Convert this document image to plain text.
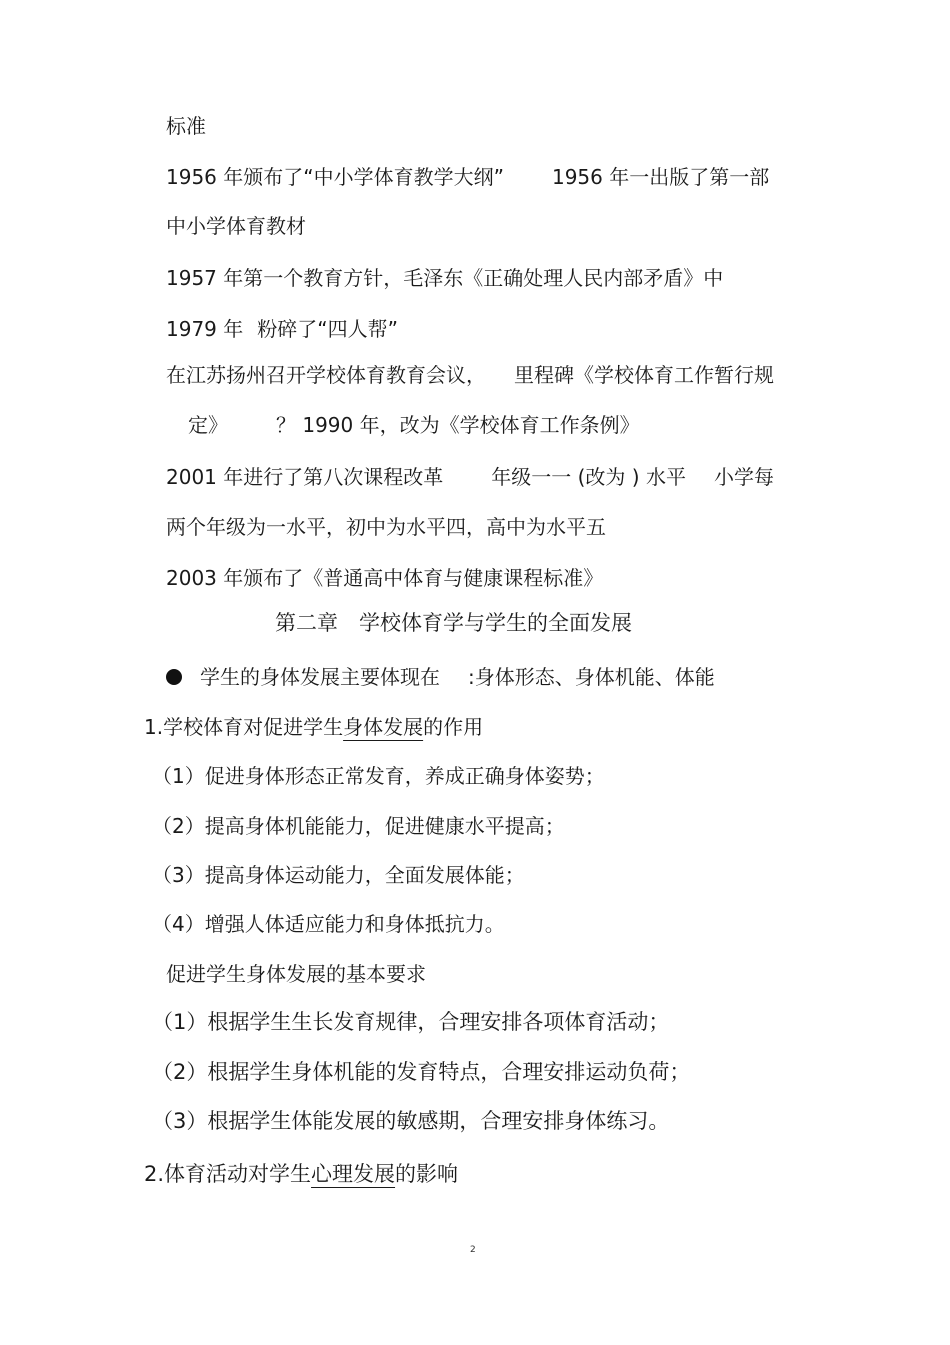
标准
1956 年颁布了“中小学体育教学大纲” 1956 年一出版了第一部
中小学体育教材
1957 年第一个教育方针，毛泽东《正确处理人民内部矛盾》中
1979 年 粉碎了“四人帮”
在江苏扬州召开学校体育教育会议， 里程碑《学校体育工作暂行规
定》 ？ 1990 年，改为《学校体育工作条例》
2001 年进行了第八次课程改革 年级一一 (改为 ) 水平 小学每
两个年级为一水平，初中为水平四，高中为水平五
2003 年颁布了《普通高中体育与健康课程标准》
第二章　学校体育学与学生的全面发展
学生的身体发展主要体现在 :身体形态、身体机能、体能
1.学校体育对促进学生身体发展的作用
（1）促进身体形态正常发育，养成正确身体姿势；
（2）提高身体机能能力，促进健康水平提高；
（3）提高身体运动能力，全面发展体能；
（4）增强人体适应能力和身体抵抗力。
促进学生身体发展的基本要求
（1）根据学生生长发育规律，合理安排各项体育活动；
（2）根据学生身体机能的发育特点，合理安排运动负荷；
（3）根据学生体能发展的敏感期，合理安排身体练习。
2.体育活动对学生心理发展的影响
2
